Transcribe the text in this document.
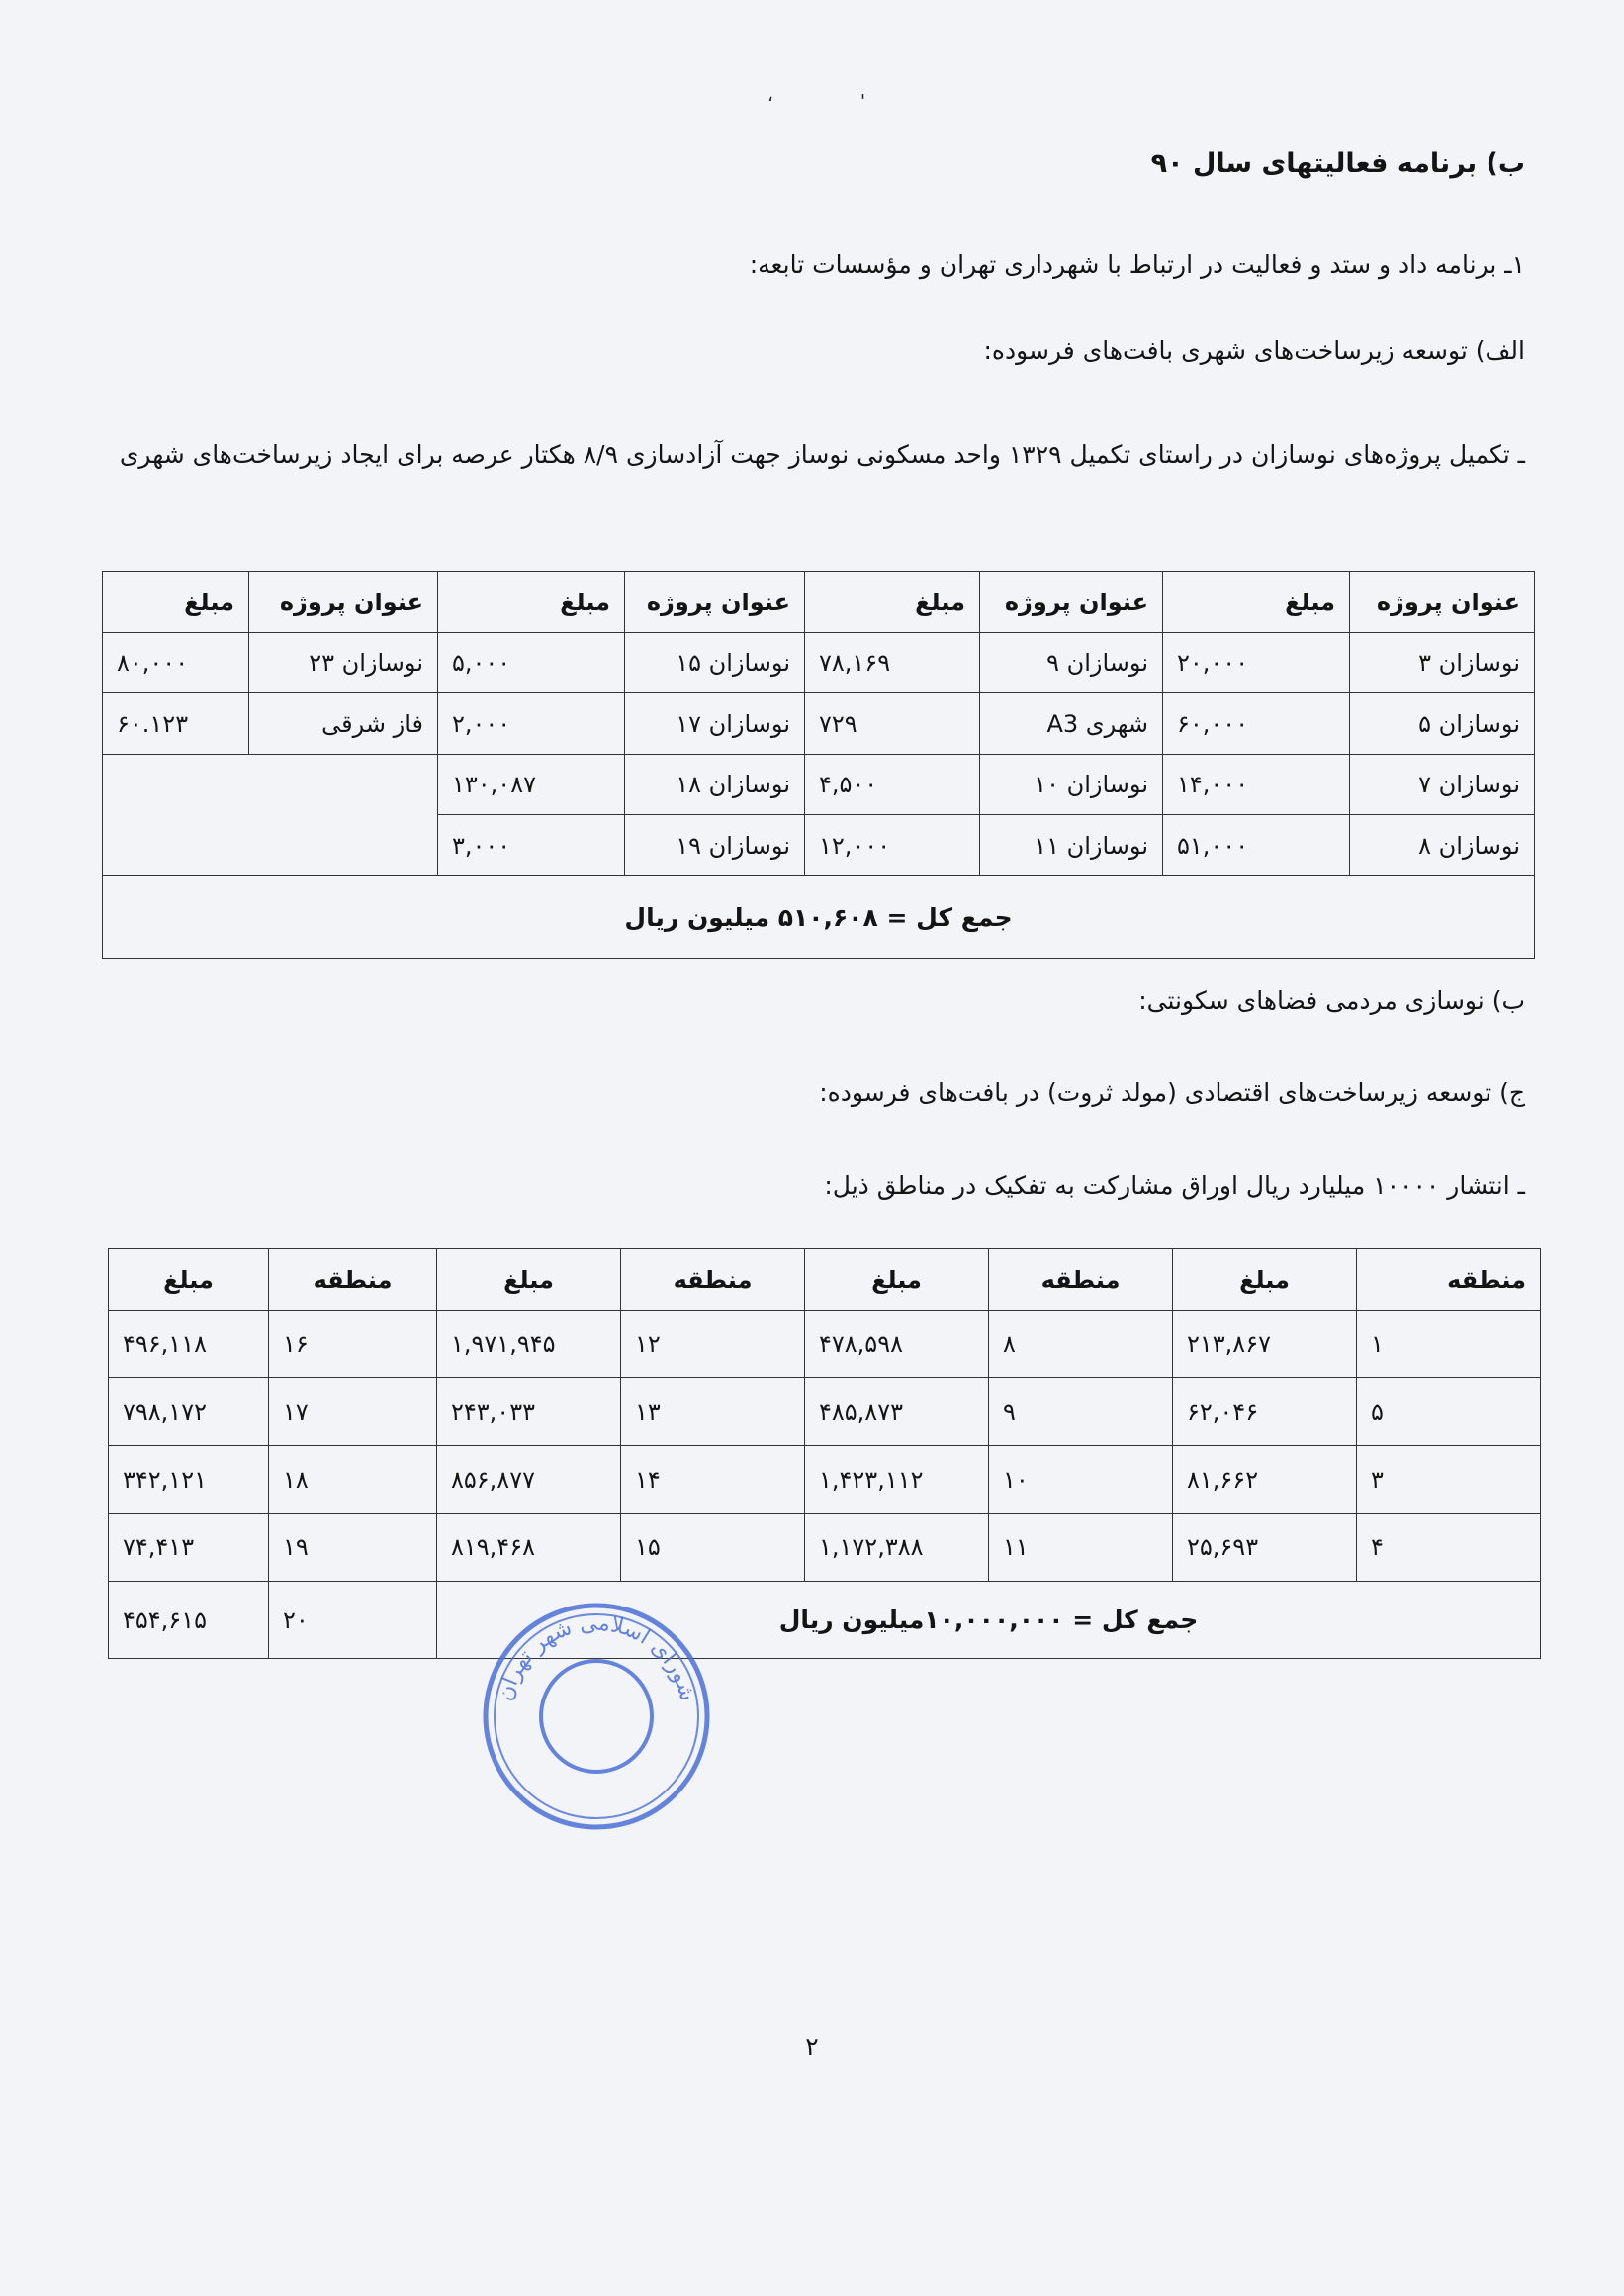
،	'
ب) برنامه فعالیتهای سال ۹۰
۱ـ برنامه داد و ستد و فعالیت در ارتباط با شهرداری تهران و مؤسسات تابعه:
الف) توسعه زیرساخت‌های شهری بافت‌های فرسوده:
ـ تکمیل پروژه‌های نوسازان در راستای تکمیل ۱۳۲۹ واحد مسکونی نوساز جهت آزادسازی ۸/۹ هکتار عرصه برای ایجاد زیرساخت‌های شهری
عنوان پروژه	مبلغ	عنوان پروژه	مبلغ	عنوان پروژه	مبلغ	عنوان پروژه	مبلغ
نوسازان ۳	۲۰,۰۰۰	نوسازان ۹	۷۸,۱۶۹	نوسازان ۱۵	۵,۰۰۰	نوسازان ۲۳	۸۰,۰۰۰
نوسازان ۵	۶۰,۰۰۰	شهری A3	۷۲۹	نوسازان ۱۷	۲,۰۰۰	فاز شرقی	۶۰.۱۲۳
نوسازان ۷	۱۴,۰۰۰	نوسازان ۱۰	۴,۵۰۰	نوسازان ۱۸	۱۳۰,۰۸۷		
نوسازان ۸	۵۱,۰۰۰	نوسازان ۱۱	۱۲,۰۰۰	نوسازان ۱۹	۳,۰۰۰		
جمع کل = ۵۱۰,۶۰۸ میلیون ریال							
ب) نوسازی مردمی فضاهای سکونتی:
ج) توسعه زیرساخت‌های اقتصادی (مولد ثروت) در بافت‌های فرسوده:
ـ انتشار ۱۰۰۰۰ میلیارد ریال اوراق مشارکت به تفکیک در مناطق ذیل:
منطقه	مبلغ	منطقه	مبلغ	منطقه	مبلغ	منطقه	مبلغ
۱	۲۱۳,۸۶۷	۸	۴۷۸,۵۹۸	۱۲	۱,۹۷۱,۹۴۵	۱۶	۴۹۶,۱۱۸
۵	۶۲,۰۴۶	۹	۴۸۵,۸۷۳	۱۳	۲۴۳,۰۳۳	۱۷	۷۹۸,۱۷۲
۳	۸۱,۶۶۲	۱۰	۱,۴۲۳,۱۱۲	۱۴	۸۵۶,۸۷۷	۱۸	۳۴۲,۱۲۱
۴	۲۵,۶۹۳	۱۱	۱,۱۷۲,۳۸۸	۱۵	۸۱۹,۴۶۸	۱۹	۷۴,۴۱۳
جمع کل = ۱۰,۰۰۰,۰۰۰میلیون ریال						۲۰	۴۵۴,۶۱۵
شورای اسلامی شهر تهران
۲
